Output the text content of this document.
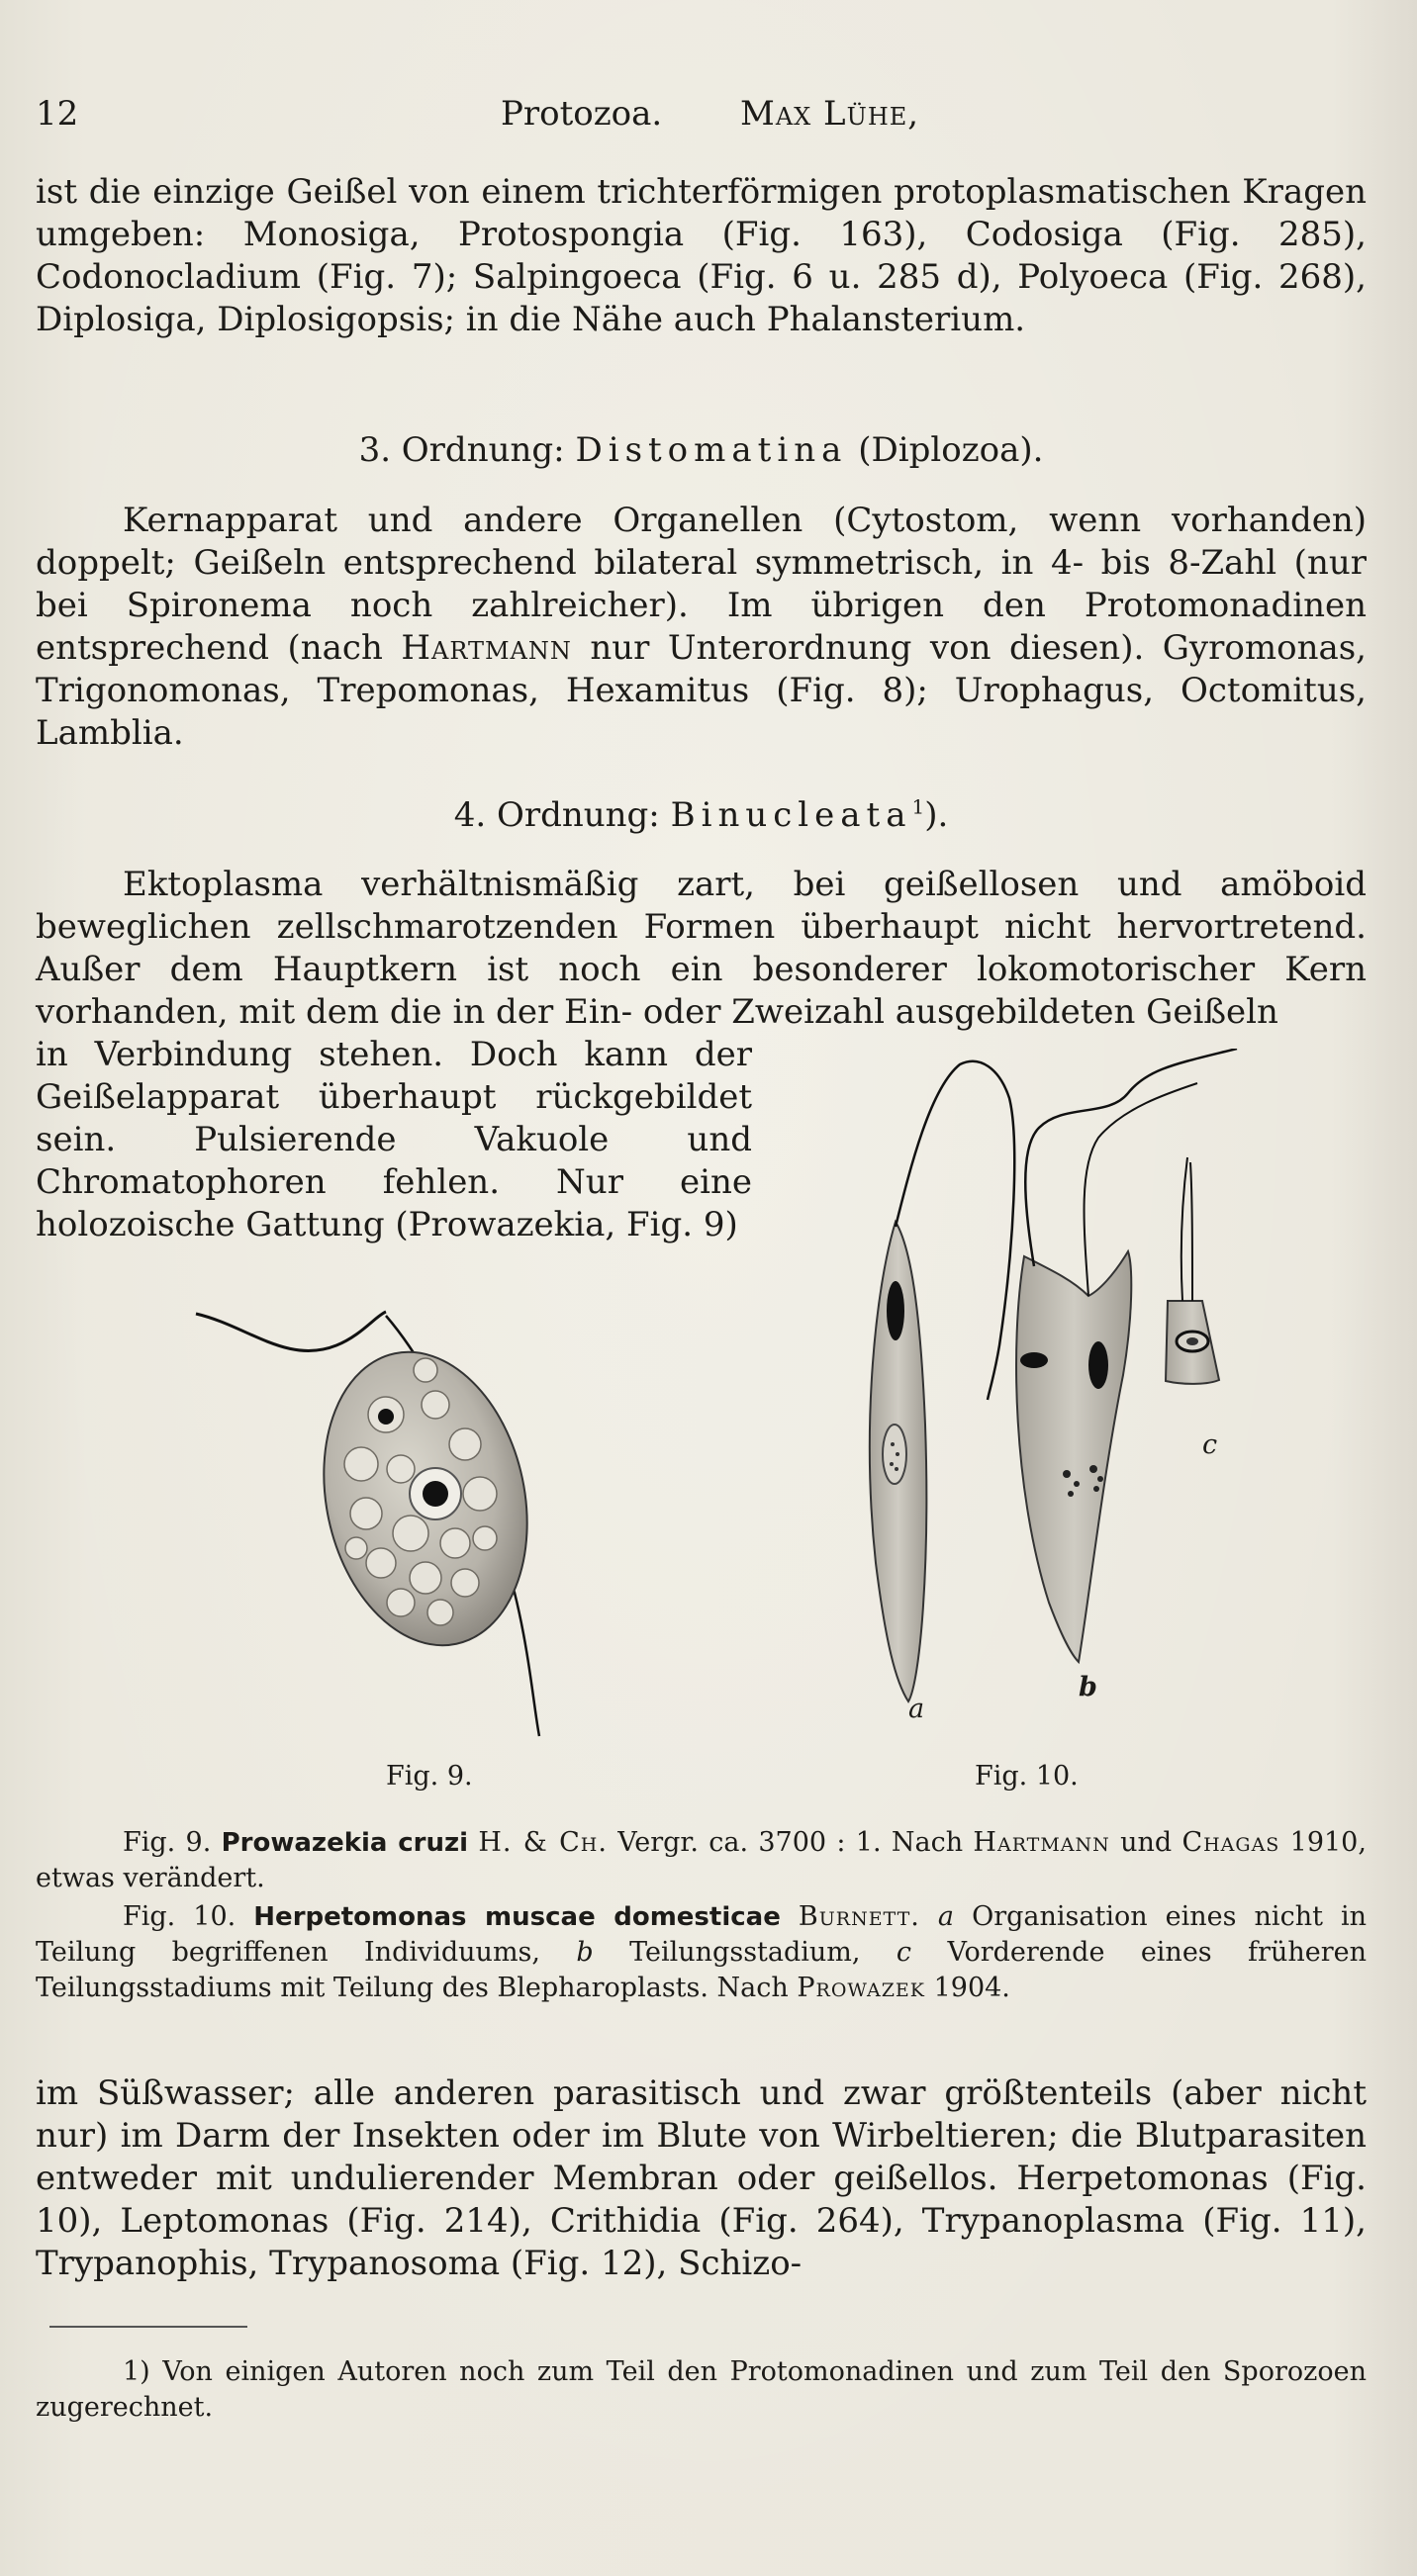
12	Protozoa. Max Lühe,

ist die einzige Geißel von einem trichterförmigen protoplasmatischen Kragen umgeben: Monosiga, Protospongia (Fig. 163), Codosiga (Fig. 285), Codonocladium (Fig. 7); Salpingoeca (Fig. 6 u. 285 d), Polyoeca (Fig. 268), Diplosiga, Diplosigopsis; in die Nähe auch Phalansterium.

3. Ordnung: Distomatina (Diplozoa).

Kernapparat und andere Organellen (Cytostom, wenn vorhanden) doppelt; Geißeln entsprechend bilateral symmetrisch, in 4- bis 8-Zahl (nur bei Spironema noch zahlreicher). Im übrigen den Protomonadinen entsprechend (nach Hartmann nur Unterordnung von diesen). Gyromonas, Trigonomonas, Trepomonas, Hexamitus (Fig. 8); Urophagus, Octomitus, Lamblia.

4. Ordnung: Binucleata$^1$).

Ektoplasma verhältnismäßig zart, bei geißellosen und amöboid beweglichen zellschmarotzenden Formen überhaupt nicht hervortretend. Außer dem Hauptkern ist noch ein besonderer lokomotorischer Kern vorhanden, mit dem die in der Ein- oder Zweizahl ausgebildeten Geißeln

in Verbindung stehen. Doch kann der Geißelapparat überhaupt rückgebildet sein. Pulsierende Vakuole und Chromatophoren fehlen. Nur eine holozoische Gattung (Prowazekia, Fig. 9)

Fig. 9.
a
b
c
Fig. 10.

Fig. 9. Prowazekia cruzi H. & Ch. Vergr. ca. 3700 : 1. Nach Hartmann und Chagas 1910, etwas verändert.

Fig. 10. Herpetomonas muscae domesticae Burnett. a Organisation eines nicht in Teilung begriffenen Individuums, b Teilungsstadium, c Vorderende eines früheren Teilungsstadiums mit Teilung des Blepharoplasts. Nach Prowazek 1904.

im Süßwasser; alle anderen parasitisch und zwar größtenteils (aber nicht nur) im Darm der Insekten oder im Blute von Wirbeltieren; die Blutparasiten entweder mit undulierender Membran oder geißellos. Herpetomonas (Fig. 10), Leptomonas (Fig. 214), Crithidia (Fig. 264), Trypanoplasma (Fig. 11), Trypanophis, Trypanosoma (Fig. 12), Schizo-

1) Von einigen Autoren noch zum Teil den Protomonadinen und zum Teil den Sporozoen zugerechnet.
